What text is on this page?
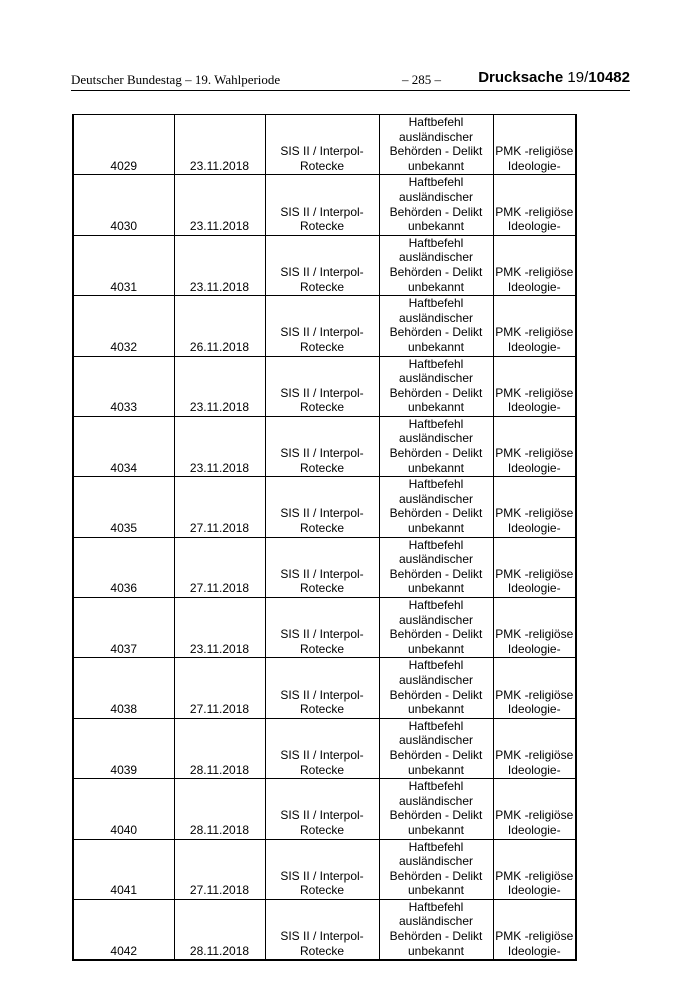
Deutscher Bundestag – 19. Wahlperiode	– 285 – Drucksache 19/10482
4029	23.11.2018	SIS II / Interpol-Rotecke	Haftbefehl ausländischer Behörden - Delikt unbekannt	PMK -religiöse Ideologie-
4030	23.11.2018	SIS II / Interpol-Rotecke	Haftbefehl ausländischer Behörden - Delikt unbekannt	PMK -religiöse Ideologie-
4031	23.11.2018	SIS II / Interpol-Rotecke	Haftbefehl ausländischer Behörden - Delikt unbekannt	PMK -religiöse Ideologie-
4032	26.11.2018	SIS II / Interpol-Rotecke	Haftbefehl ausländischer Behörden - Delikt unbekannt	PMK -religiöse Ideologie-
4033	23.11.2018	SIS II / Interpol-Rotecke	Haftbefehl ausländischer Behörden - Delikt unbekannt	PMK -religiöse Ideologie-
4034	23.11.2018	SIS II / Interpol-Rotecke	Haftbefehl ausländischer Behörden - Delikt unbekannt	PMK -religiöse Ideologie-
4035	27.11.2018	SIS II / Interpol-Rotecke	Haftbefehl ausländischer Behörden - Delikt unbekannt	PMK -religiöse Ideologie-
4036	27.11.2018	SIS II / Interpol-Rotecke	Haftbefehl ausländischer Behörden - Delikt unbekannt	PMK -religiöse Ideologie-
4037	23.11.2018	SIS II / Interpol-Rotecke	Haftbefehl ausländischer Behörden - Delikt unbekannt	PMK -religiöse Ideologie-
4038	27.11.2018	SIS II / Interpol-Rotecke	Haftbefehl ausländischer Behörden - Delikt unbekannt	PMK -religiöse Ideologie-
4039	28.11.2018	SIS II / Interpol-Rotecke	Haftbefehl ausländischer Behörden - Delikt unbekannt	PMK -religiöse Ideologie-
4040	28.11.2018	SIS II / Interpol-Rotecke	Haftbefehl ausländischer Behörden - Delikt unbekannt	PMK -religiöse Ideologie-
4041	27.11.2018	SIS II / Interpol-Rotecke	Haftbefehl ausländischer Behörden - Delikt unbekannt	PMK -religiöse Ideologie-
4042	28.11.2018	SIS II / Interpol-Rotecke	Haftbefehl ausländischer Behörden - Delikt unbekannt	PMK -religiöse Ideologie-
